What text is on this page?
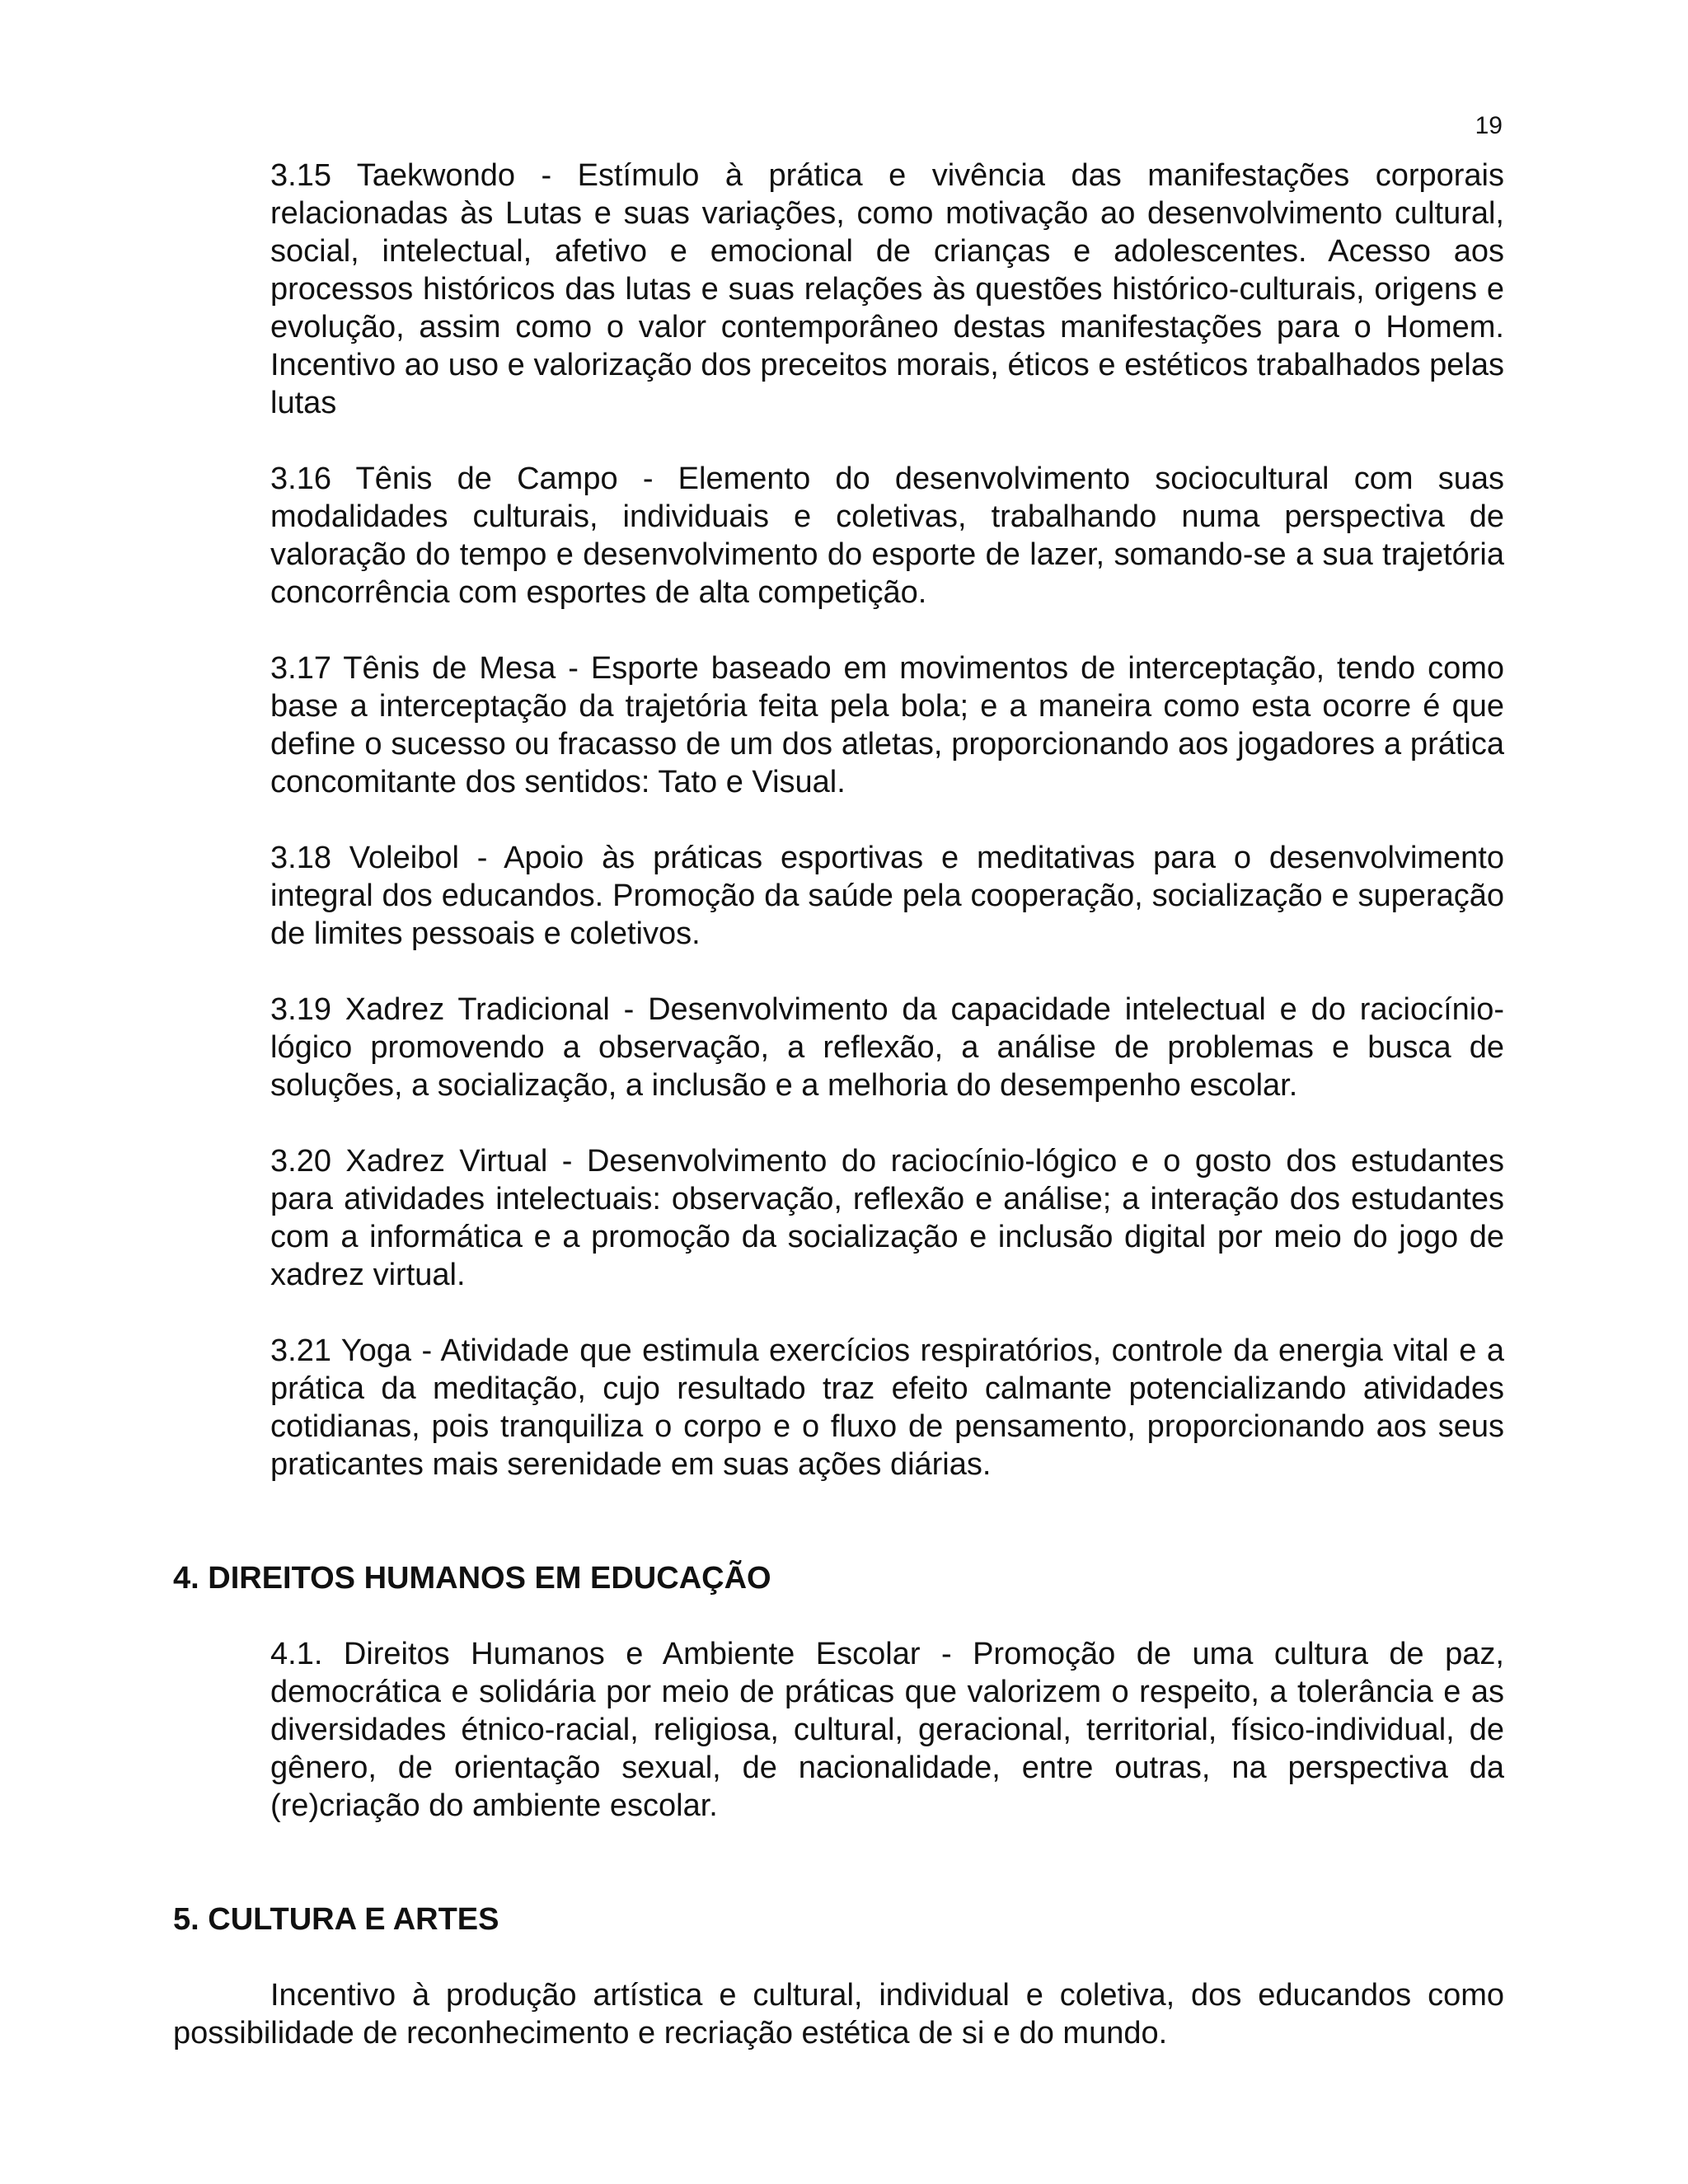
19

3.15 Taekwondo - Estímulo à prática e vivência das manifestações corporais relacionadas às Lutas e suas variações, como motivação ao desenvolvimento cultural, social, intelectual, afetivo e emocional de crianças e adolescentes. Acesso aos processos históricos das lutas e suas relações às questões histórico-culturais, origens e evolução, assim como o valor contemporâneo destas manifestações para o Homem. Incentivo ao uso e valorização dos preceitos morais, éticos e estéticos trabalhados pelas lutas

3.16 Tênis de Campo - Elemento do desenvolvimento sociocultural com suas modalidades culturais, individuais e coletivas, trabalhando numa perspectiva de valoração do tempo e desenvolvimento do esporte de lazer, somando-se a sua trajetória concorrência com esportes de alta competição.

3.17 Tênis de Mesa - Esporte baseado em movimentos de interceptação, tendo como base a interceptação da trajetória feita pela bola; e a maneira como esta ocorre é que define o sucesso ou fracasso de um dos atletas, proporcionando aos jogadores a prática concomitante dos sentidos: Tato e Visual.

3.18 Voleibol - Apoio às práticas esportivas e meditativas para o desenvolvimento integral dos educandos. Promoção da saúde pela cooperação, socialização e superação de limites pessoais e coletivos.

3.19 Xadrez Tradicional - Desenvolvimento da capacidade intelectual e do raciocínio-lógico promovendo a observação, a reflexão, a análise de problemas e busca de soluções, a socialização, a inclusão e a melhoria do desempenho escolar.

3.20 Xadrez Virtual - Desenvolvimento do raciocínio-lógico e o gosto dos estudantes para atividades intelectuais: observação, reflexão e análise; a interação dos estudantes com a informática e a promoção da socialização e inclusão digital por meio do jogo de xadrez virtual.

3.21 Yoga - Atividade que estimula exercícios respiratórios, controle da energia vital e a prática da meditação, cujo resultado traz efeito calmante potencializando atividades cotidianas, pois tranquiliza o corpo e o fluxo de pensamento, proporcionando aos seus praticantes mais serenidade em suas ações diárias.

4. DIREITOS HUMANOS EM EDUCAÇÃO

4.1. Direitos Humanos e Ambiente Escolar - Promoção de uma cultura de paz, democrática e solidária por meio de práticas que valorizem o respeito, a tolerância e as diversidades étnico-racial, religiosa, cultural, geracional, territorial, físico-individual, de gênero, de orientação sexual, de nacionalidade, entre outras, na perspectiva da (re)criação do ambiente escolar.

5. CULTURA E ARTES

Incentivo à produção artística e cultural, individual e coletiva, dos educandos como possibilidade de reconhecimento e recriação estética de si e do mundo.
